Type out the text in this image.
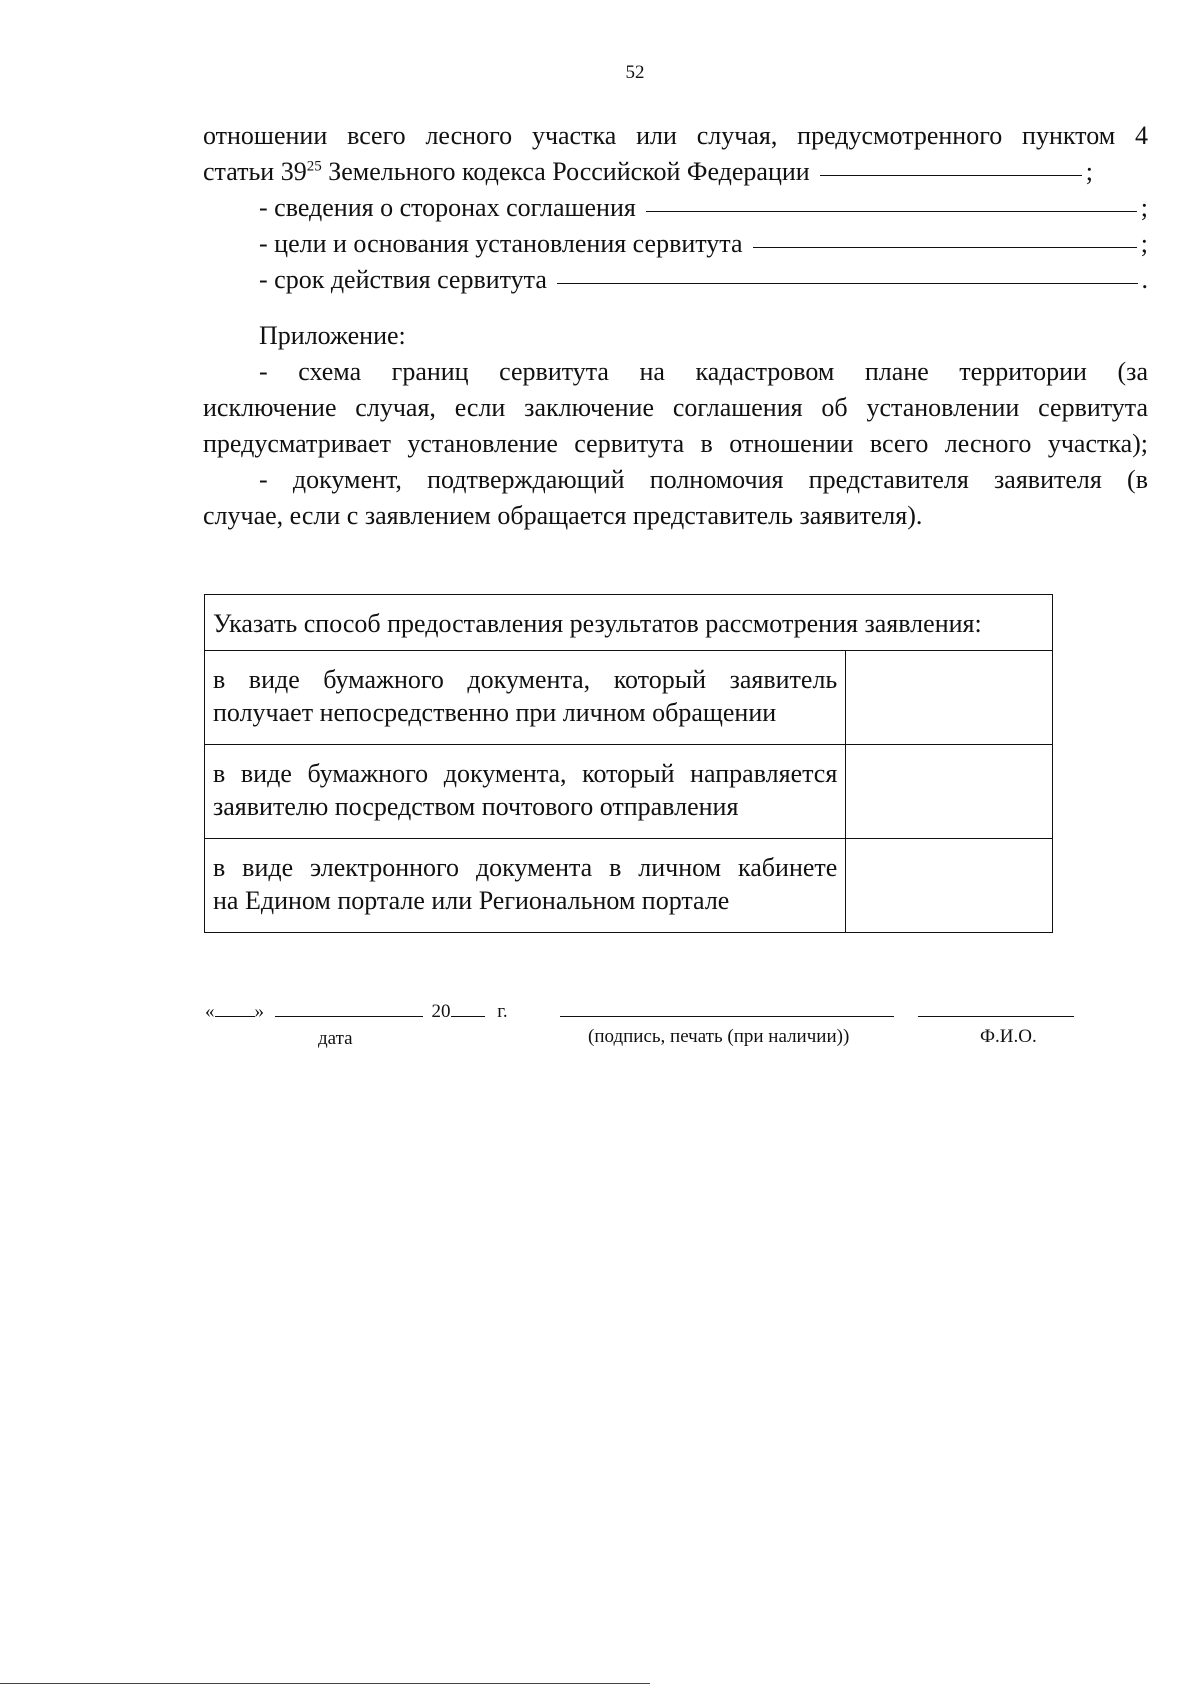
52
отношении всего лесного участка или случая, предусмотренного пунктом 4
статьи $39^{25}$ Земельного кодекса Российской Федерации	;
- сведения о сторонах соглашения	;
- цели и основания установления сервитута	;
- срок действия сервитута	.
Приложение:
- схема границ сервитута на кадастровом плане территории (за
исключение случая, если заключение соглашения об установлении сервитута
предусматривает установление сервитута в отношении всего лесного участка);
- документ, подтверждающий полномочия представителя заявителя (в
случае, если с заявлением обращается представитель заявителя).
Указать способ предоставления результатов рассмотрения заявления:	

в виде бумажного документа, который заявитель
получает непосредственно при личном обращении	

в виде бумажного документа, который направляется
заявителю посредством почтового отправления	

в виде электронного документа в личном кабинете
на Едином портале или Региональном портале	
« »	20 г.
дата	(подпись, печать (при наличии))	Ф.И.О.
